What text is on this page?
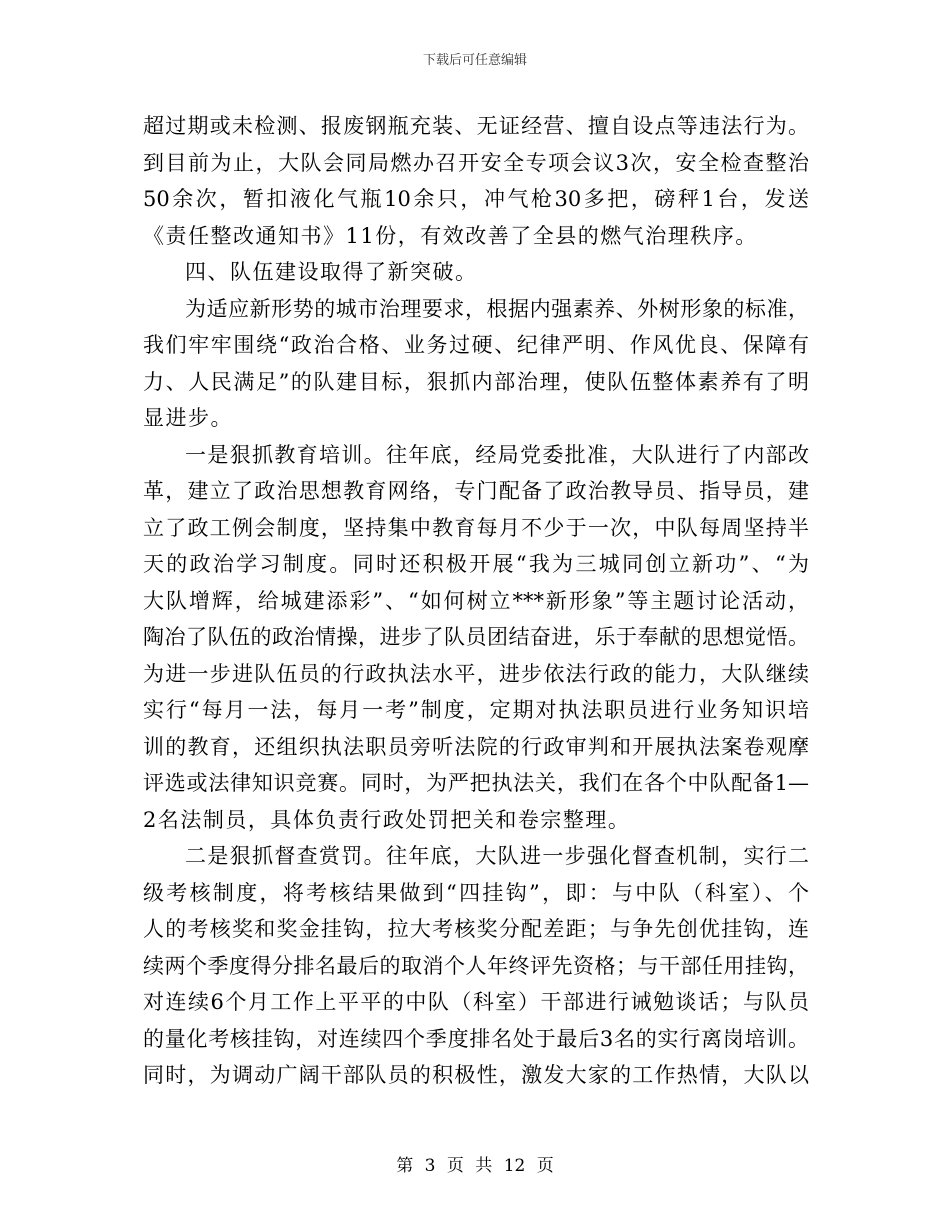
下载后可任意编辑
超过期或未检测、报废钢瓶充装、无证经营、擅自设点等违法行为。
到目前为止，大队会同局燃办召开安全专项会议3次，安全检查整治
50余次，暂扣液化气瓶10余只，冲气枪30多把，磅秤1台，发送
《责任整改通知书》11份，有效改善了全县的燃气治理秩序。
四、队伍建设取得了新突破。
为适应新形势的城市治理要求，根据内强素养、外树形象的标准，
我们牢牢围绕“政治合格、业务过硬、纪律严明、作风优良、保障有
力、人民满足”的队建目标，狠抓内部治理，使队伍整体素养有了明
显进步。
一是狠抓教育培训。往年底，经局党委批准，大队进行了内部改
革，建立了政治思想教育网络，专门配备了政治教导员、指导员，建
立了政工例会制度，坚持集中教育每月不少于一次，中队每周坚持半
天的政治学习制度。同时还积极开展“我为三城同创立新功”、“为
大队增辉，给城建添彩”、“如何树立***新形象”等主题讨论活动，
陶冶了队伍的政治情操，进步了队员团结奋进，乐于奉献的思想觉悟。
为进一步进队伍员的行政执法水平，进步依法行政的能力，大队继续
实行“每月一法，每月一考”制度，定期对执法职员进行业务知识培
训的教育，还组织执法职员旁听法院的行政审判和开展执法案卷观摩
评选或法律知识竞赛。同时，为严把执法关，我们在各个中队配备1—
2名法制员，具体负责行政处罚把关和卷宗整理。
二是狠抓督查赏罚。往年底，大队进一步强化督查机制，实行二
级考核制度，将考核结果做到“四挂钩”，即：与中队（科室）、个
人的考核奖和奖金挂钩，拉大考核奖分配差距；与争先创优挂钩，连
续两个季度得分排名最后的取消个人年终评先资格；与干部任用挂钩，
对连续6个月工作上平平的中队（科室）干部进行诫勉谈话；与队员
的量化考核挂钩，对连续四个季度排名处于最后3名的实行离岗培训。
同时，为调动广阔干部队员的积极性，激发大家的工作热情，大队以
第 3 页 共 12 页
